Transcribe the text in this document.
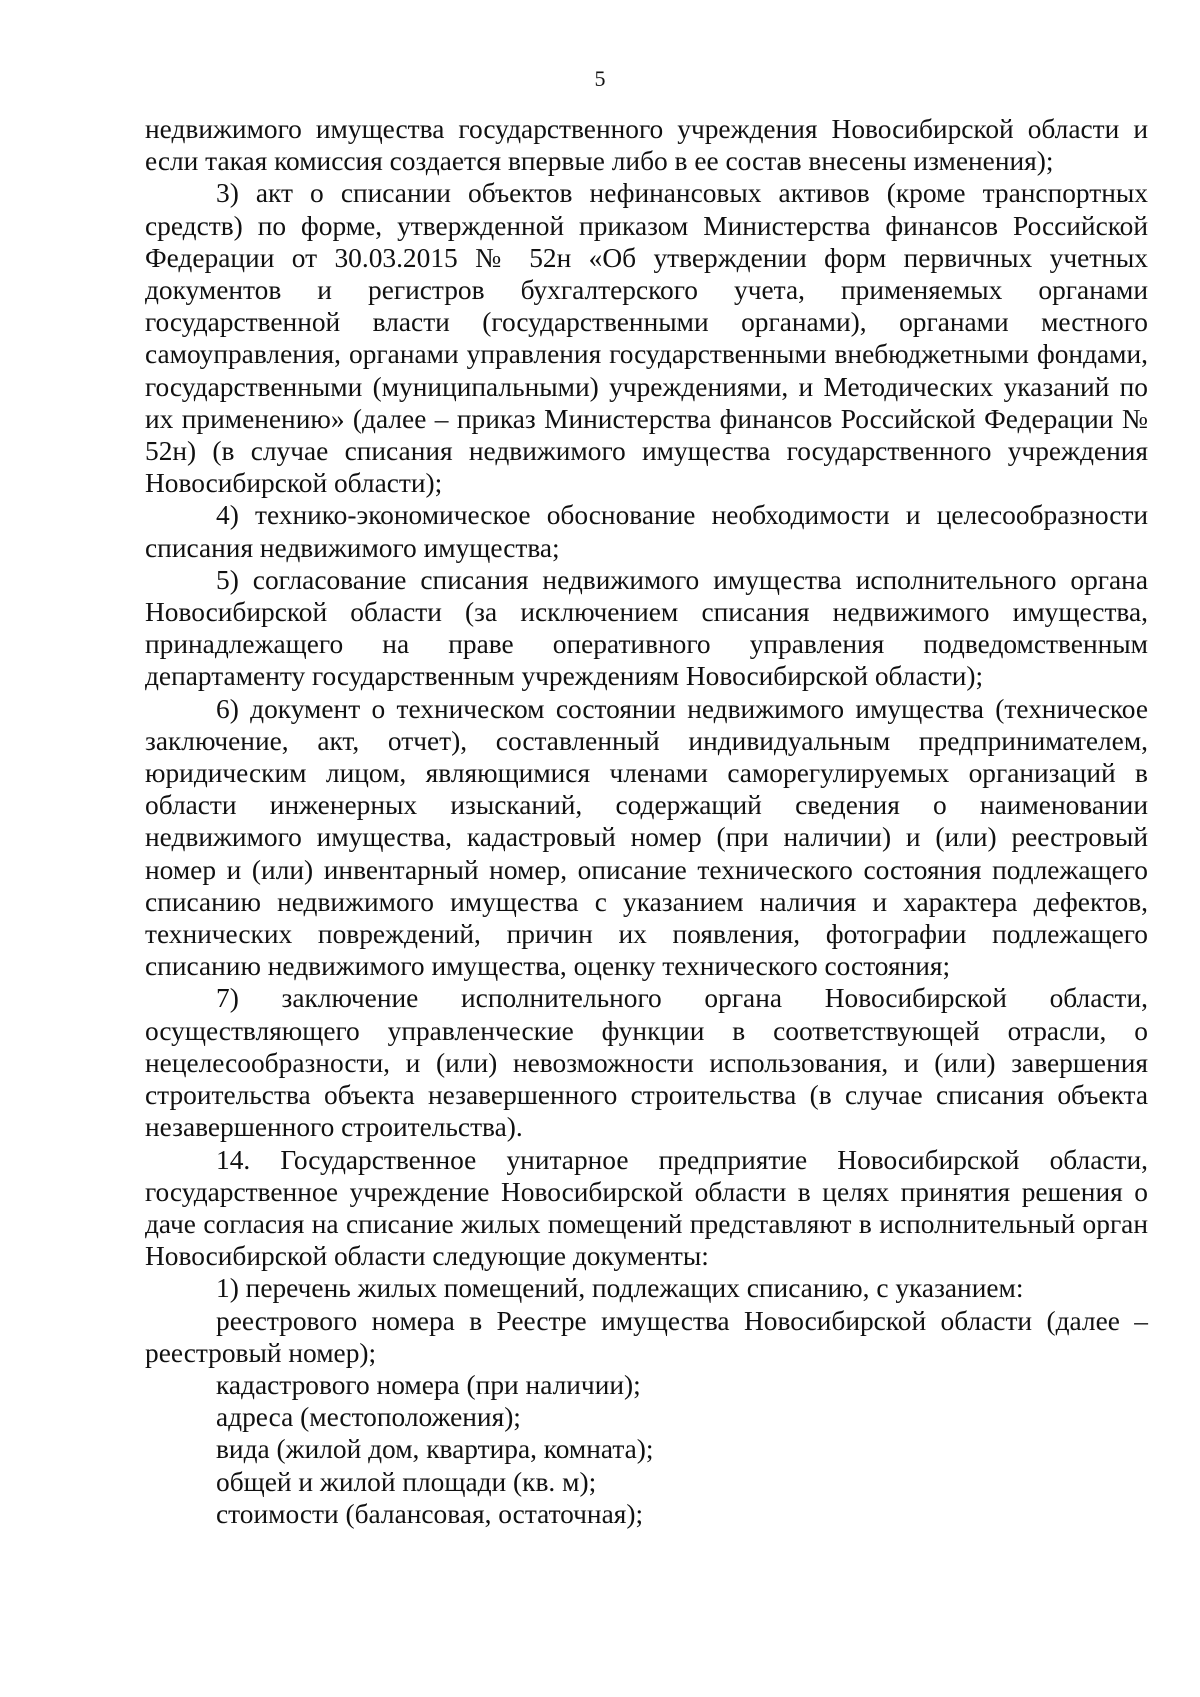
5

недвижимого имущества государственного учреждения Новосибирской области и если такая комиссия создается впервые либо в ее состав внесены изменения);

3) акт о списании объектов нефинансовых активов (кроме транспортных средств) по форме, утвержденной приказом Министерства финансов Российской Федерации от 30.03.2015 № 52н «Об утверждении форм первичных учетных документов и регистров бухгалтерского учета, применяемых органами государственной власти (государственными органами), органами местного самоуправления, органами управления государственными внебюджетными фондами, государственными (муниципальными) учреждениями, и Методических указаний по их применению» (далее – приказ Министерства финансов Российской Федерации № 52н) (в случае списания недвижимого имущества государственного учреждения Новосибирской области);

4) технико-экономическое обоснование необходимости и целесообразности списания недвижимого имущества;

5) согласование списания недвижимого имущества исполнительного органа Новосибирской области (за исключением списания недвижимого имущества, принадлежащего на праве оперативного управления подведомственным департаменту государственным учреждениям Новосибирской области);

6) документ о техническом состоянии недвижимого имущества (техническое заключение, акт, отчет), составленный индивидуальным предпринимателем, юридическим лицом, являющимися членами саморегулируемых организаций в области инженерных изысканий, содержащий сведения о наименовании недвижимого имущества, кадастровый номер (при наличии) и (или) реестровый номер и (или) инвентарный номер, описание технического состояния подлежащего списанию недвижимого имущества с указанием наличия и характера дефектов, технических повреждений, причин их появления, фотографии подлежащего списанию недвижимого имущества, оценку технического состояния;

7) заключение исполнительного органа Новосибирской области, осуществляющего управленческие функции в соответствующей отрасли, о нецелесообразности, и (или) невозможности использования, и (или) завершения строительства объекта незавершенного строительства (в случае списания объекта незавершенного строительства).

14. Государственное унитарное предприятие Новосибирской области, государственное учреждение Новосибирской области в целях принятия решения о даче согласия на списание жилых помещений представляют в исполнительный орган Новосибирской области следующие документы:

1) перечень жилых помещений, подлежащих списанию, с указанием:

реестрового номера в Реестре имущества Новосибирской области (далее – реестровый номер);

кадастрового номера (при наличии);

адреса (местоположения);

вида (жилой дом, квартира, комната);

общей и жилой площади (кв. м);

стоимости (балансовая, остаточная);
